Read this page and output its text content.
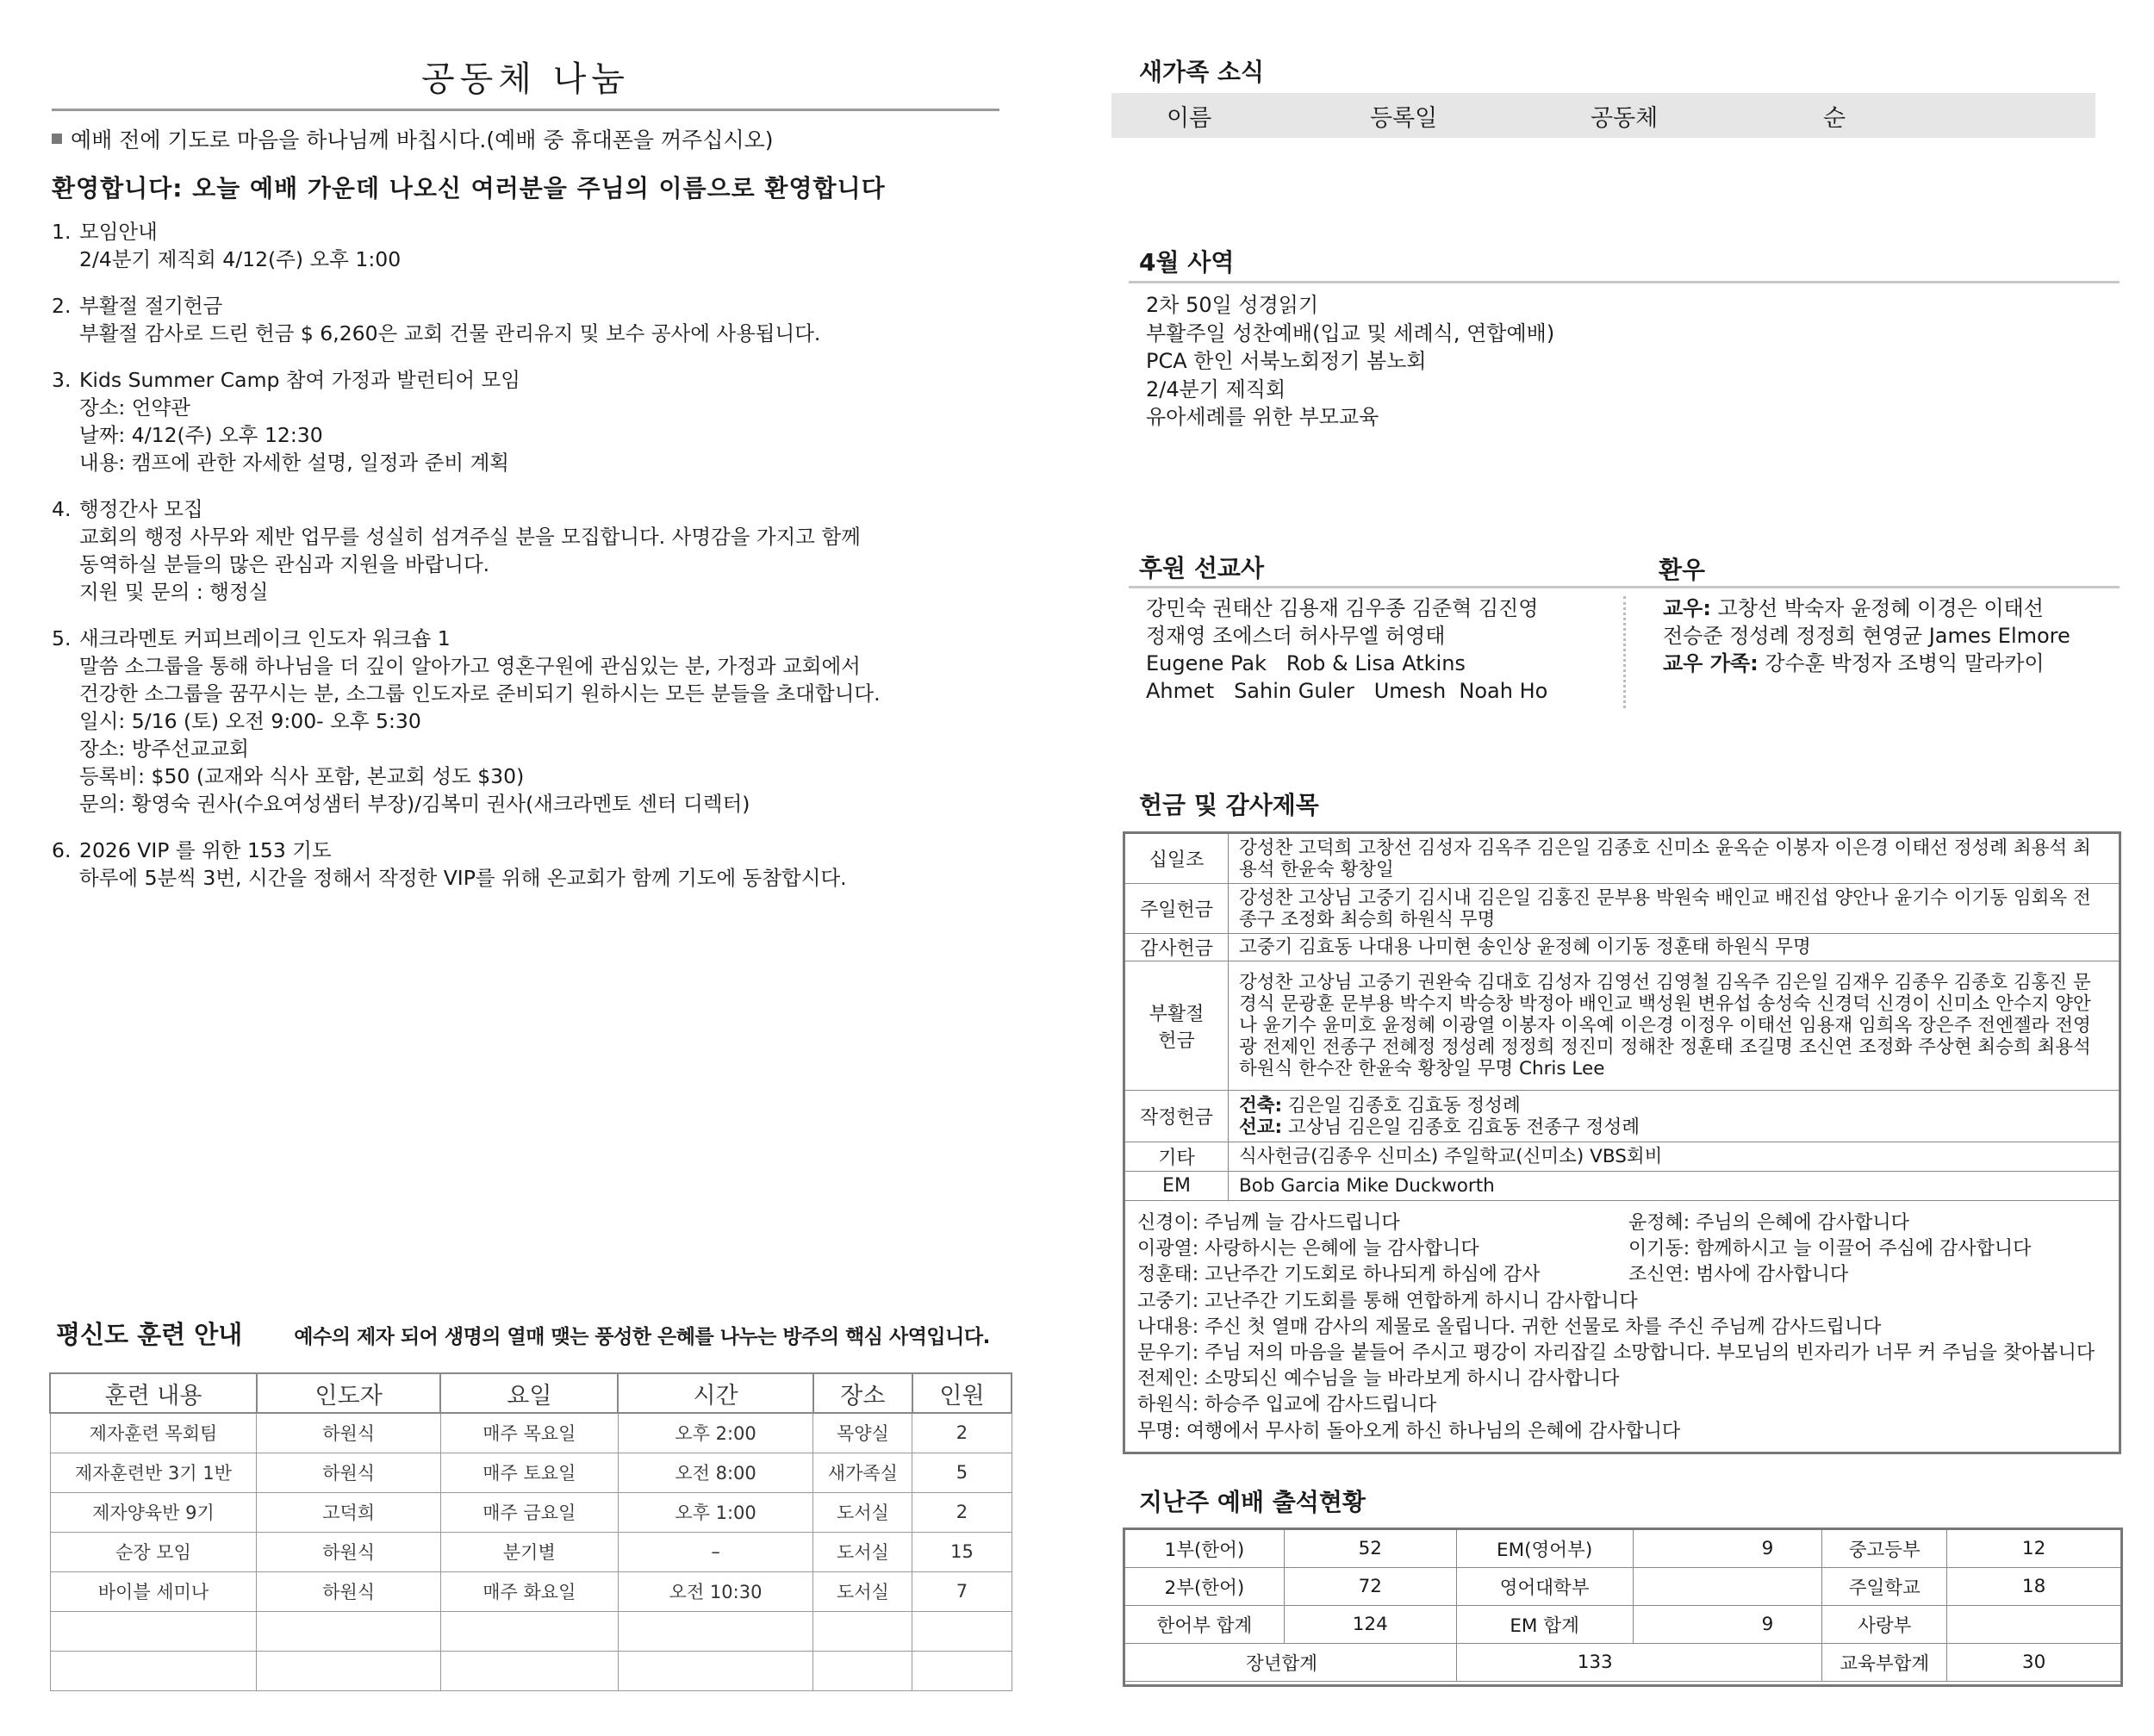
공동체 나눔
예배 전에 기도로 마음을 하나님께 바칩시다.(예배 중 휴대폰을 꺼주십시오)
환영합니다: 오늘 예배 가운데 나오신 여러분을 주님의 이름으로 환영합니다
1. 모임안내
2/4분기 제직회 4/12(주) 오후 1:00
2. 부활절 절기헌금
부활절 감사로 드린 헌금 $ 6,260은 교회 건물 관리유지 및 보수 공사에 사용됩니다.
3. Kids Summer Camp 참여 가정과 발런티어 모임
장소: 언약관
날짜: 4/12(주) 오후 12:30
내용: 캠프에 관한 자세한 설명, 일정과 준비 계획
4. 행정간사 모집
교회의 행정 사무와 제반 업무를 성실히 섬겨주실 분을 모집합니다. 사명감을 가지고 함께
동역하실 분들의 많은 관심과 지원을 바랍니다.
지원 및 문의 : 행정실
5. 새크라멘토 커피브레이크 인도자 워크숍 1
말씀 소그룹을 통해 하나님을 더 깊이 알아가고 영혼구원에 관심있는 분, 가정과 교회에서
건강한 소그룹을 꿈꾸시는 분, 소그룹 인도자로 준비되기 원하시는 모든 분들을 초대합니다.
일시: 5/16 (토) 오전 9:00- 오후 5:30
장소: 방주선교교회
등록비: $50 (교재와 식사 포함, 본교회 성도 $30)
문의: 황영숙 권사(수요여성샘터 부장)/김복미 권사(새크라멘토 센터 디렉터)
6. 2026 VIP 를 위한 153 기도
하루에 5분씩 3번, 시간을 정해서 작정한 VIP를 위해 온교회가 함께 기도에 동참합시다.
평신도 훈련 안내	예수의 제자 되어 생명의 열매 맺는 풍성한 은혜를 나누는 방주의 핵심 사역입니다.
훈련 내용	인도자	요일	시간	장소	인원
제자훈련 목회팀	하원식	매주 목요일	오후 2:00	목양실	2
제자훈련반 3기 1반	하원식	매주 토요일	오전 8:00	새가족실	5
제자양육반 9기	고덕희	매주 금요일	오후 1:00	도서실	2
순장 모임	하원식	분기별	–	도서실	15
바이블 세미나	하원식	매주 화요일	오전 10:30	도서실	7

새가족 소식
이름	등록일	공동체	순
4월 사역
2차 50일 성경읽기
부활주일 성찬예배(입교 및 세례식, 연합예배)
PCA 한인 서북노회정기 봄노회
2/4분기 제직회
유아세례를 위한 부모교육
후원 선교사	환우
강민숙 권태산 김용재 김우종 김준혁 김진영
정재영 조에스더 허사무엘 허영태
Eugene Pak   Rob & Lisa Atkins
Ahmet   Sahin Guler   Umesh  Noah Ho
교우: 고창선 박숙자 윤정혜 이경은 이태선
전승준 정성례 정정희 현영균 James Elmore
교우 가족: 강수훈 박정자 조병익 말라카이
헌금 및 감사제목
십일조	강성찬 고덕희 고창선 김성자 김옥주 김은일 김종호 신미소 윤옥순 이봉자 이은경 이태선 정성례 최용석 최용석 한윤숙 황창일
주일헌금	강성찬 고상님 고중기 김시내 김은일 김홍진 문부용 박원숙 배인교 배진섭 양안나 윤기수 이기동 임회옥 전종구 조정화 최승희 하원식 무명
감사헌금	고중기 김효동 나대용 나미현 송인상 윤정혜 이기동 정훈태 하원식 무명
부활절 헌금	강성찬 고상님 고중기 권완숙 김대호 김성자 김영선 김영철 김옥주 김은일 김재우 김종우 김종호 김홍진 문경식 문광훈 문부용 박수지 박승창 박정아 배인교 백성원 변유섭 송성숙 신경덕 신경이 신미소 안수지 양안나 윤기수 윤미호 윤정혜 이광열 이봉자 이옥예 이은경 이정우 이태선 임용재 임희옥 장은주 전엔젤라 전영광 전제인 전종구 전혜정 정성례 정정희 정진미 정해찬 정훈태 조길명 조신연 조정화 주상현 최승희 최용석 하원식 한수잔 한윤숙 황창일 무명 Chris Lee
작정헌금	건축: 김은일 김종호 김효동 정성례
선교: 고상님 김은일 김종호 김효동 전종구 정성례

기타	식사헌금(김종우 신미소) 주일학교(신미소) VBS회비
EM	Bob Garcia Mike Duckworth
신경이: 주님께 늘 감사드립니다	윤정혜: 주님의 은혜에 감사합니다
이광열: 사랑하시는 은혜에 늘 감사합니다	이기동: 함께하시고 늘 이끌어 주심에 감사합니다
정훈태: 고난주간 기도회로 하나되게 하심에 감사	조신연: 범사에 감사합니다
고중기: 고난주간 기도회를 통해 연합하게 하시니 감사합니다
나대용: 주신 첫 열매 감사의 제물로 올립니다. 귀한 선물로 차를 주신 주님께 감사드립니다
문우기: 주님 저의 마음을 붙들어 주시고 평강이 자리잡길 소망합니다. 부모님의 빈자리가 너무 커 주님을 찾아봅니다
전제인: 소망되신 예수님을 늘 바라보게 하시니 감사합니다
하원식: 하승주 입교에 감사드립니다
무명: 여행에서 무사히 돌아오게 하신 하나님의 은혜에 감사합니다
지난주 예배 출석현황
1부(한어)	52	EM(영어부)	9	중고등부	12
2부(한어)	72	영어대학부		주일학교	18
한어부 합계	124	EM 합계	9	사랑부	
장년합계		133		교육부합계	30
